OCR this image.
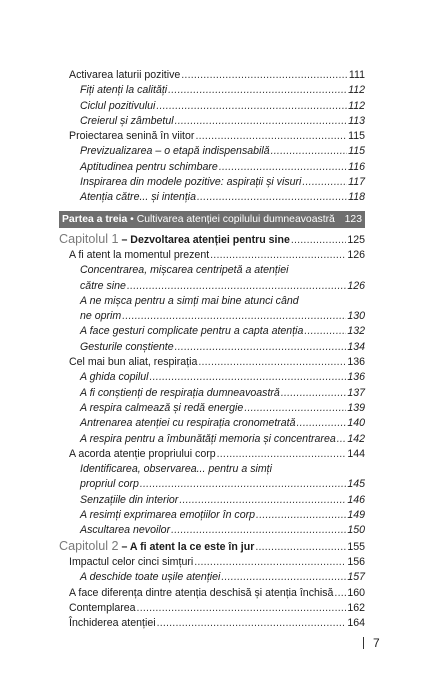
Activarea laturii pozitive .....	111
Fiți atenți la calități .....	112
Ciclul pozitivului .....	112
Creierul și zâmbetul .....	113
Proiectarea senină în viitor .....	115
Previzualizarea – o etapă indispensabilă .....	115
Aptitudinea pentru schimbare .....	116
Inspirarea din modele pozitive: aspirații și visuri .....	117
Atenția către... și intenția .....	118
Partea a treia
•
Cultivarea atenției copilului dumneavoastră 123
Capitolul 1 – Dezvoltarea atenției pentru sine .....	125
A fi atent la momentul prezent .....	126
Concentrarea, mișcarea centripetă a atenției
către sine .....	126
A ne mișca pentru a simți mai bine atunci când
ne oprim .....	130
A face gesturi complicate pentru a capta atenția .....	132
Gesturile conștiente .....	134
Cel mai bun aliat, respirația .....	136
A ghida copilul .....	136
A fi conștienți de respirația dumneavoastră .....	137
A respira calmează și redă energie .....	139
Antrenarea atenției cu respirația cronometrată .....	140
A respira pentru a îmbunătăți memoria și concentrarea ..... 142
A acorda atenție propriului corp .....	144
Identificarea, observarea... pentru a simți
propriul corp .....	145
Senzațiile din interior .....	146
A resimți exprimarea emoțiilor în corp .....	149
Ascultarea nevoilor .....	150
Capitolul 2 – A fi atent la ce este în jur .....	155
Impactul celor cinci simțuri .....	156
A deschide toate ușile atenției .....	157
A face diferența dintre atenția deschisă și atenția închisă ..... 160
Contemplarea .....	162
Închiderea atenției .....	164
7
